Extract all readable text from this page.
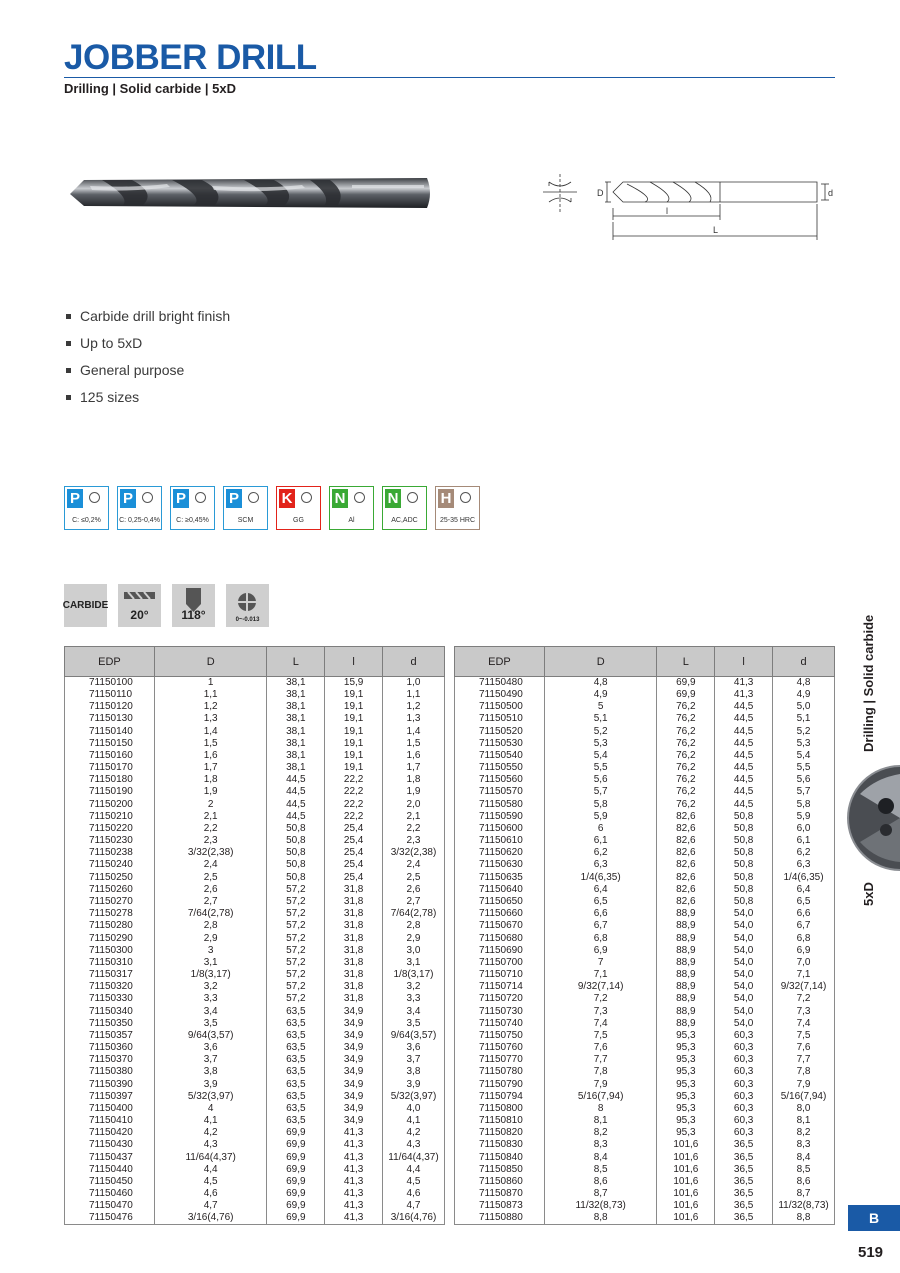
JOBBER DRILL
Drilling | Solid carbide | 5xD
D	d
l
L
Carbide drill bright finish
Up to 5xD
General purpose
125 sizes
P
C: ≤0,2%
P
C: 0,25-0,4%
P
C: ≥0,45%
P
SCM
K
GG
N
Al
N
AC,ADC
H
25-35 HRC
CARBIDE
20°	118°	0~-0.013
EDP	D	L	l	d
71150100	1	38,1	15,9	1,0
71150110	1,1	38,1	19,1	1,1
71150120	1,2	38,1	19,1	1,2
71150130	1,3	38,1	19,1	1,3
71150140	1,4	38,1	19,1	1,4
71150150	1,5	38,1	19,1	1,5
71150160	1,6	38,1	19,1	1,6
71150170	1,7	38,1	19,1	1,7
71150180	1,8	44,5	22,2	1,8
71150190	1,9	44,5	22,2	1,9
71150200	2	44,5	22,2	2,0
71150210	2,1	44,5	22,2	2,1
71150220	2,2	50,8	25,4	2,2
71150230	2,3	50,8	25,4	2,3
71150238	3/32(2,38)	50,8	25,4	3/32(2,38)
71150240	2,4	50,8	25,4	2,4
71150250	2,5	50,8	25,4	2,5
71150260	2,6	57,2	31,8	2,6
71150270	2,7	57,2	31,8	2,7
71150278	7/64(2,78)	57,2	31,8	7/64(2,78)
71150280	2,8	57,2	31,8	2,8
71150290	2,9	57,2	31,8	2,9
71150300	3	57,2	31,8	3,0
71150310	3,1	57,2	31,8	3,1
71150317	1/8(3,17)	57,2	31,8	1/8(3,17)
71150320	3,2	57,2	31,8	3,2
71150330	3,3	57,2	31,8	3,3
71150340	3,4	63,5	34,9	3,4
71150350	3,5	63,5	34,9	3,5
71150357	9/64(3,57)	63,5	34,9	9/64(3,57)
71150360	3,6	63,5	34,9	3,6
71150370	3,7	63,5	34,9	3,7
71150380	3,8	63,5	34,9	3,8
71150390	3,9	63,5	34,9	3,9
71150397	5/32(3,97)	63,5	34,9	5/32(3,97)
71150400	4	63,5	34,9	4,0
71150410	4,1	63,5	34,9	4,1
71150420	4,2	69,9	41,3	4,2
71150430	4,3	69,9	41,3	4,3
71150437	11/64(4,37)	69,9	41,3	11/64(4,37)
71150440	4,4	69,9	41,3	4,4
71150450	4,5	69,9	41,3	4,5
71150460	4,6	69,9	41,3	4,6
71150470	4,7	69,9	41,3	4,7
71150476	3/16(4,76)	69,9	41,3	3/16(4,76)
EDP	D	L	l	d
71150480	4,8	69,9	41,3	4,8
71150490	4,9	69,9	41,3	4,9
71150500	5	76,2	44,5	5,0
71150510	5,1	76,2	44,5	5,1
71150520	5,2	76,2	44,5	5,2
71150530	5,3	76,2	44,5	5,3
71150540	5,4	76,2	44,5	5,4
71150550	5,5	76,2	44,5	5,5
71150560	5,6	76,2	44,5	5,6
71150570	5,7	76,2	44,5	5,7
71150580	5,8	76,2	44,5	5,8
71150590	5,9	82,6	50,8	5,9
71150600	6	82,6	50,8	6,0
71150610	6,1	82,6	50,8	6,1
71150620	6,2	82,6	50,8	6,2
71150630	6,3	82,6	50,8	6,3
71150635	1/4(6,35)	82,6	50,8	1/4(6,35)
71150640	6,4	82,6	50,8	6,4
71150650	6,5	82,6	50,8	6,5
71150660	6,6	88,9	54,0	6,6
71150670	6,7	88,9	54,0	6,7
71150680	6,8	88,9	54,0	6,8
71150690	6,9	88,9	54,0	6,9
71150700	7	88,9	54,0	7,0
71150710	7,1	88,9	54,0	7,1
71150714	9/32(7,14)	88,9	54,0	9/32(7,14)
71150720	7,2	88,9	54,0	7,2
71150730	7,3	88,9	54,0	7,3
71150740	7,4	88,9	54,0	7,4
71150750	7,5	95,3	60,3	7,5
71150760	7,6	95,3	60,3	7,6
71150770	7,7	95,3	60,3	7,7
71150780	7,8	95,3	60,3	7,8
71150790	7,9	95,3	60,3	7,9
71150794	5/16(7,94)	95,3	60,3	5/16(7,94)
71150800	8	95,3	60,3	8,0
71150810	8,1	95,3	60,3	8,1
71150820	8,2	95,3	60,3	8,2
71150830	8,3	101,6	36,5	8,3
71150840	8,4	101,6	36,5	8,4
71150850	8,5	101,6	36,5	8,5
71150860	8,6	101,6	36,5	8,6
71150870	8,7	101,6	36,5	8,7
71150873	11/32(8,73)	101,6	36,5	11/32(8,73)
71150880	8,8	101,6	36,5	8,8
Drilling | Solid carbide
5xD
B
519
